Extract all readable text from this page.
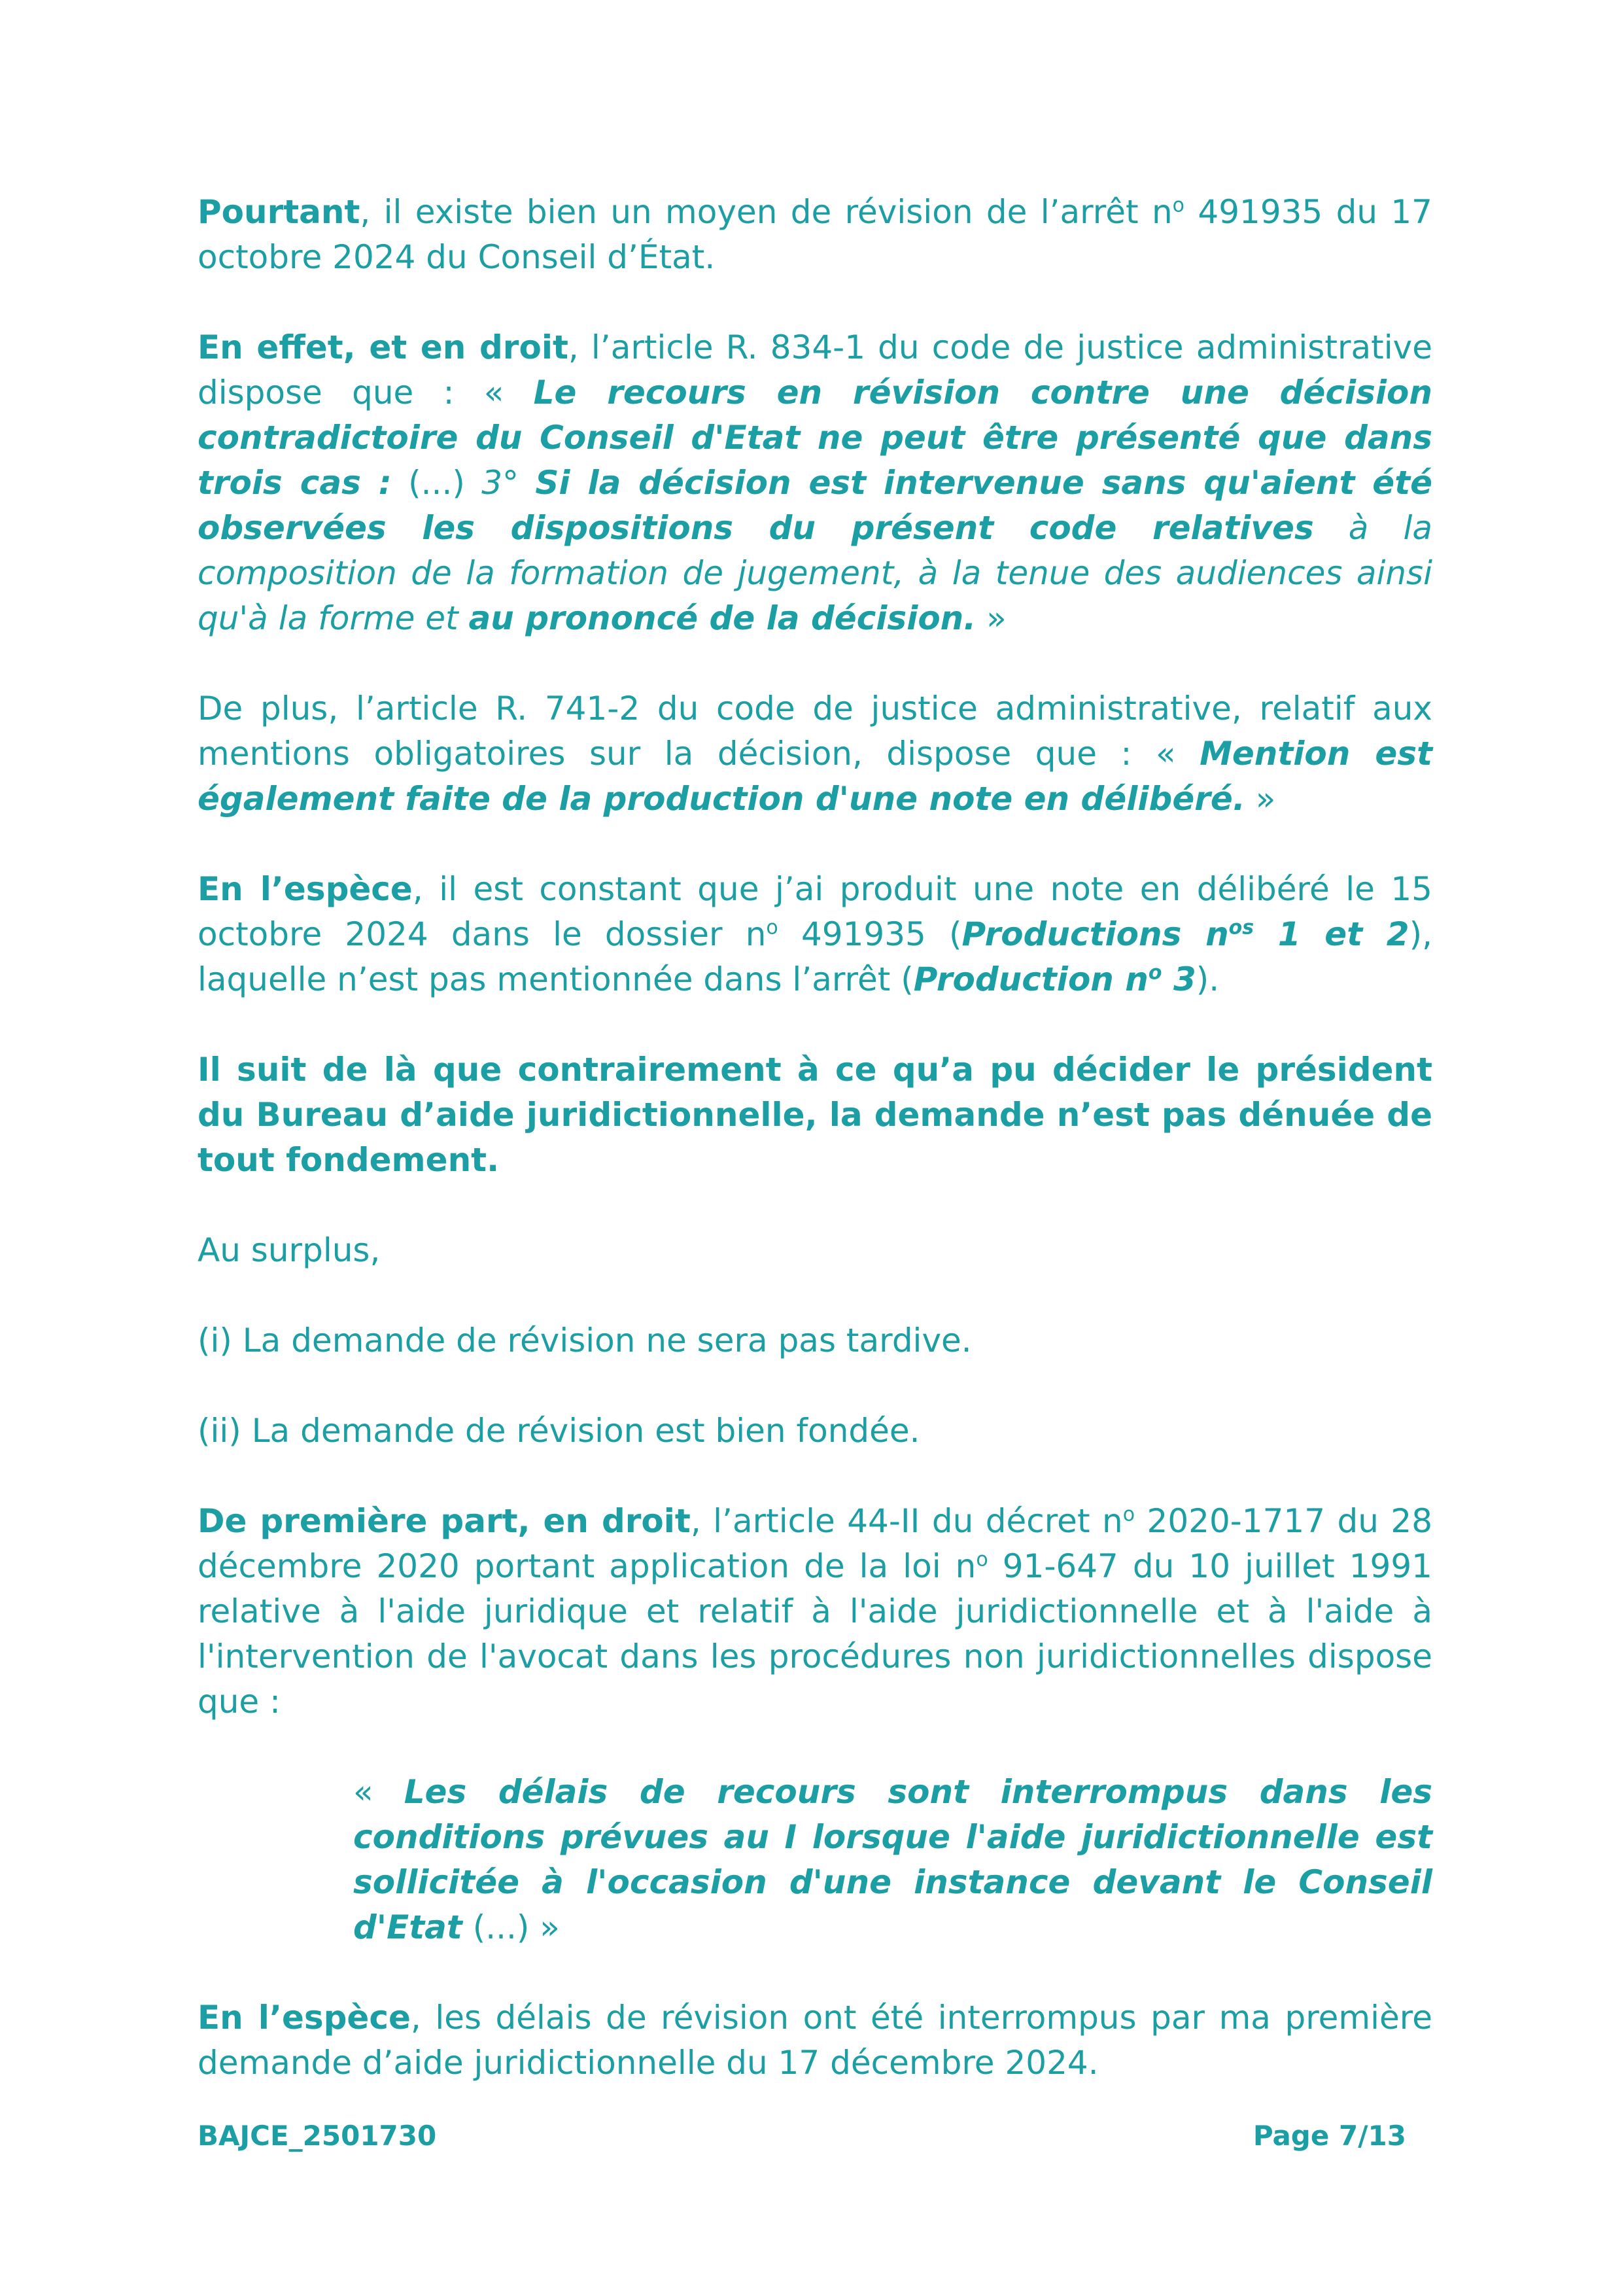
Pourtant, il existe bien un moyen de révision de l’arrêt $n^o$ 491935 du 17 octobre 2024 du Conseil d’État.

En effet, et en droit, l’article R. 834-1 du code de justice administrative dispose que : « Le recours en révision contre une décision contradictoire du Conseil d'Etat ne peut être présenté que dans trois cas : (...) 3° Si la décision est intervenue sans qu'aient été observées les dispositions du présent code relatives à la composition de la formation de jugement, à la tenue des audiences ainsi qu'à la forme et au prononcé de la décision. »

De plus, l’article R. 741-2 du code de justice administrative, relatif aux mentions obligatoires sur la décision, dispose que : « Mention est également faite de la production d'une note en délibéré. »

En l’espèce, il est constant que j’ai produit une note en délibéré le 15 octobre 2024 dans le dossier $n^o$ 491935 (Productions $n^{os}$ 1 et 2), laquelle n’est pas mentionnée dans l’arrêt (Production $n^o$ 3).

Il suit de là que contrairement à ce qu’a pu décider le président du Bureau d’aide juridictionnelle, la demande n’est pas dénuée de tout fondement.

Au surplus,

(i) La demande de révision ne sera pas tardive.

(ii) La demande de révision est bien fondée.

De première part, en droit, l’article 44-II du décret $n^o$ 2020-1717 du 28 décembre 2020 portant application de la loi $n^o$ 91-647 du 10 juillet 1991 relative à l'aide juridique et relatif à l'aide juridictionnelle et à l'aide à l'intervention de l'avocat dans les procédures non juridictionnelles dispose que :

« Les délais de recours sont interrompus dans les conditions prévues au I lorsque l'aide juridictionnelle est sollicitée à l'occasion d'une instance devant le Conseil d'Etat (...) »

En l’espèce, les délais de révision ont été interrompus par ma première demande d’aide juridictionnelle du 17 décembre 2024.

BAJCE_2501730	Page 7/13
